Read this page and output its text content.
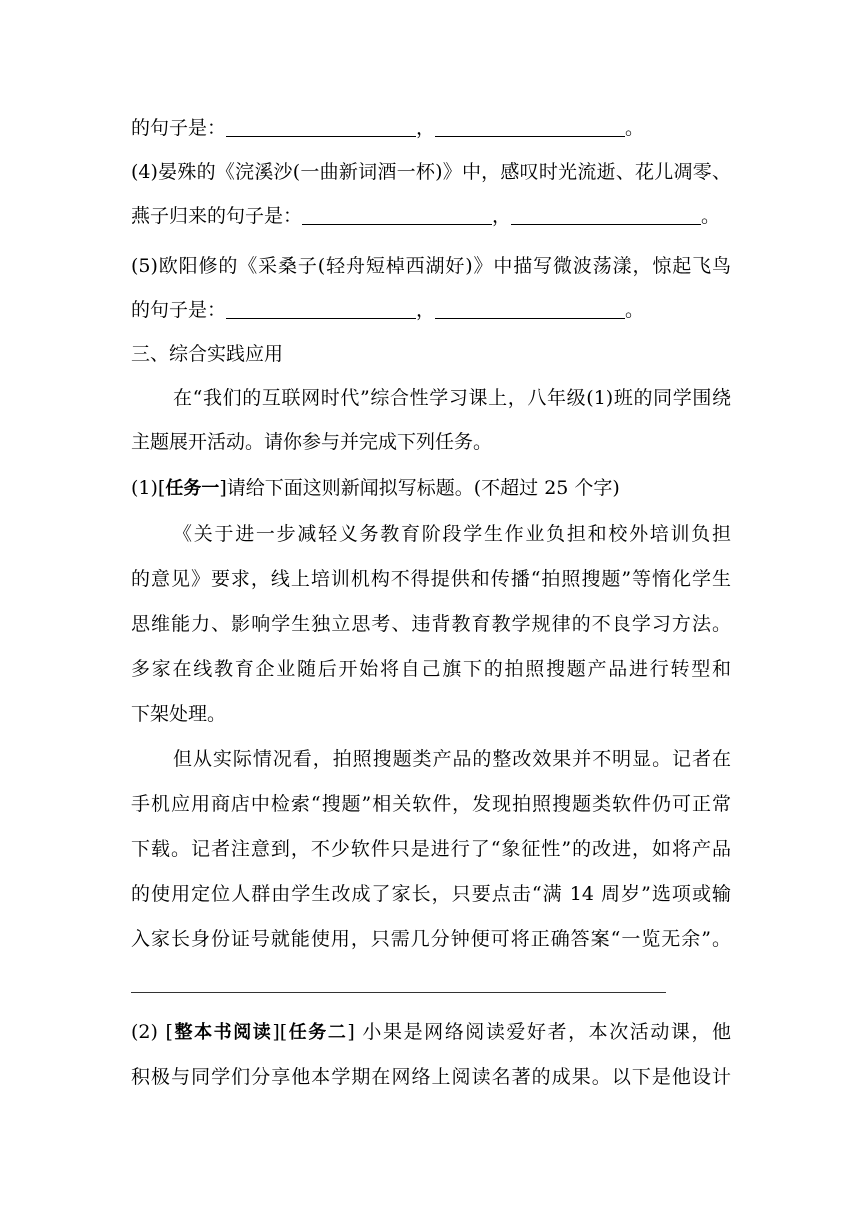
的句子是：	，	。
(4)晏殊的《浣溪沙(一曲新词酒一杯)》中，感叹时光流逝、花儿凋零、
燕子归来的句子是：	，	。
(5)欧阳修的《采桑子(轻舟短棹西湖好)》中描写微波荡漾，惊起飞鸟
的句子是：	，	。
三、综合实践应用
在“我们的互联网时代”综合性学习课上，八年级(1)班的同学围绕
主题展开活动。请你参与并完成下列任务。
(1)[任务一]请给下面这则新闻拟写标题。(不超过 25 个字)
《关于进一步减轻义务教育阶段学生作业负担和校外培训负担
的意见》要求，线上培训机构不得提供和传播“拍照搜题”等惰化学生
思维能力、影响学生独立思考、违背教育教学规律的不良学习方法。
多家在线教育企业随后开始将自己旗下的拍照搜题产品进行转型和
下架处理。
但从实际情况看，拍照搜题类产品的整改效果并不明显。记者在
手机应用商店中检索“搜题”相关软件，发现拍照搜题类软件仍可正常
下载。记者注意到，不少软件只是进行了“象征性”的改进，如将产品
的使用定位人群由学生改成了家长，只要点击“满 14 周岁”选项或输
入家长身份证号就能使用，只需几分钟便可将正确答案“一览无余”。
(2) [整本书阅读][任务二] 小果是网络阅读爱好者，本次活动课，他
积极与同学们分享他本学期在网络上阅读名著的成果。以下是他设计
